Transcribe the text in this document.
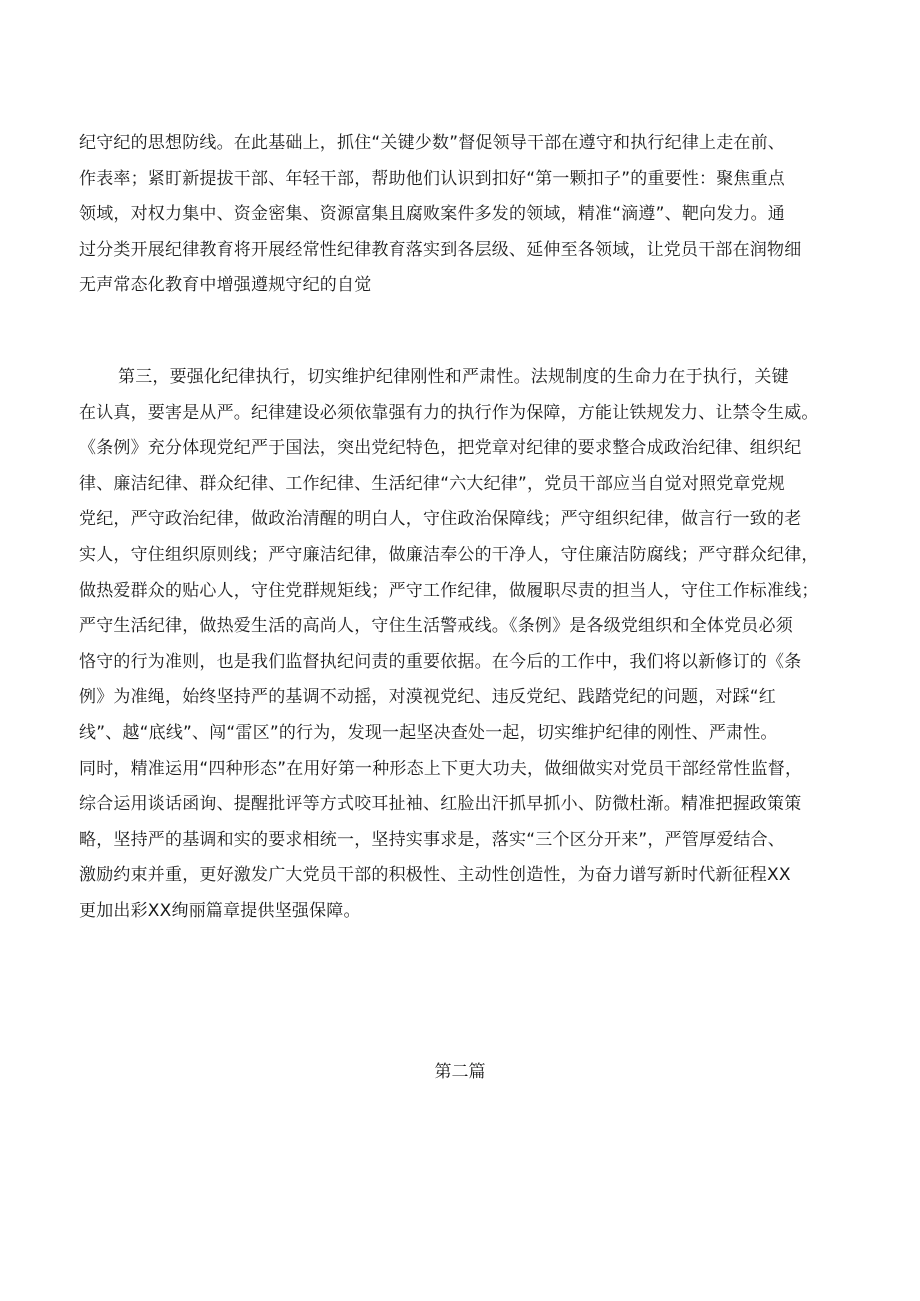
纪守纪的思想防线。在此基础上，抓住“关键少数”督促领导干部在遵守和执行纪律上走在前、
作表率；紧盯新提拔干部、年轻干部，帮助他们认识到扣好“第一颗扣子”的重要性：聚焦重点
领域，对权力集中、资金密集、资源富集且腐败案件多发的领域，精准“滴遵”、靶向发力。通
过分类开展纪律教育将开展经常性纪律教育落实到各层级、延伸至各领域，让党员干部在润物细
无声常态化教育中增强遵规守纪的自觉
第三，要强化纪律执行，切实维护纪律刚性和严肃性。法规制度的生命力在于执行，关键
在认真，要害是从严。纪律建设必须依靠强有力的执行作为保障，方能让铁规发力、让禁令生威。
《条例》充分体现党纪严于国法，突出党纪特色，把党章对纪律的要求整合成政治纪律、组织纪
律、廉洁纪律、群众纪律、工作纪律、生活纪律“六大纪律”，党员干部应当自觉对照党章党规
党纪，严守政治纪律，做政治清醒的明白人，守住政治保障线；严守组织纪律，做言行一致的老
实人，守住组织原则线；严守廉洁纪律，做廉洁奉公的干净人，守住廉洁防腐线；严守群众纪律，
做热爱群众的贴心人，守住党群规矩线；严守工作纪律，做履职尽责的担当人，守住工作标准线；
严守生活纪律，做热爱生活的高尚人，守住生活警戒线。《条例》是各级党组织和全体党员必须
恪守的行为准则，也是我们监督执纪问责的重要依据。在今后的工作中，我们将以新修订的《条
例》为准绳，始终坚持严的基调不动摇，对漠视党纪、违反党纪、践踏党纪的问题，对踩“红
线”、越“底线”、闯“雷区”的行为，发现一起坚决查处一起，切实维护纪律的刚性、严肃性。
同时，精准运用“四种形态”在用好第一种形态上下更大功夫，做细做实对党员干部经常性监督，
综合运用谈话函询、提醒批评等方式咬耳扯袖、红脸出汗抓早抓小、防微杜渐。精准把握政策策
略，坚持严的基调和实的要求相统一，坚持实事求是，落实“三个区分开来”，严管厚爱结合、
激励约束并重，更好激发广大党员干部的积极性、主动性创造性，为奋力谱写新时代新征程XX
更加出彩XX绚丽篇章提供坚强保障。

第二篇
